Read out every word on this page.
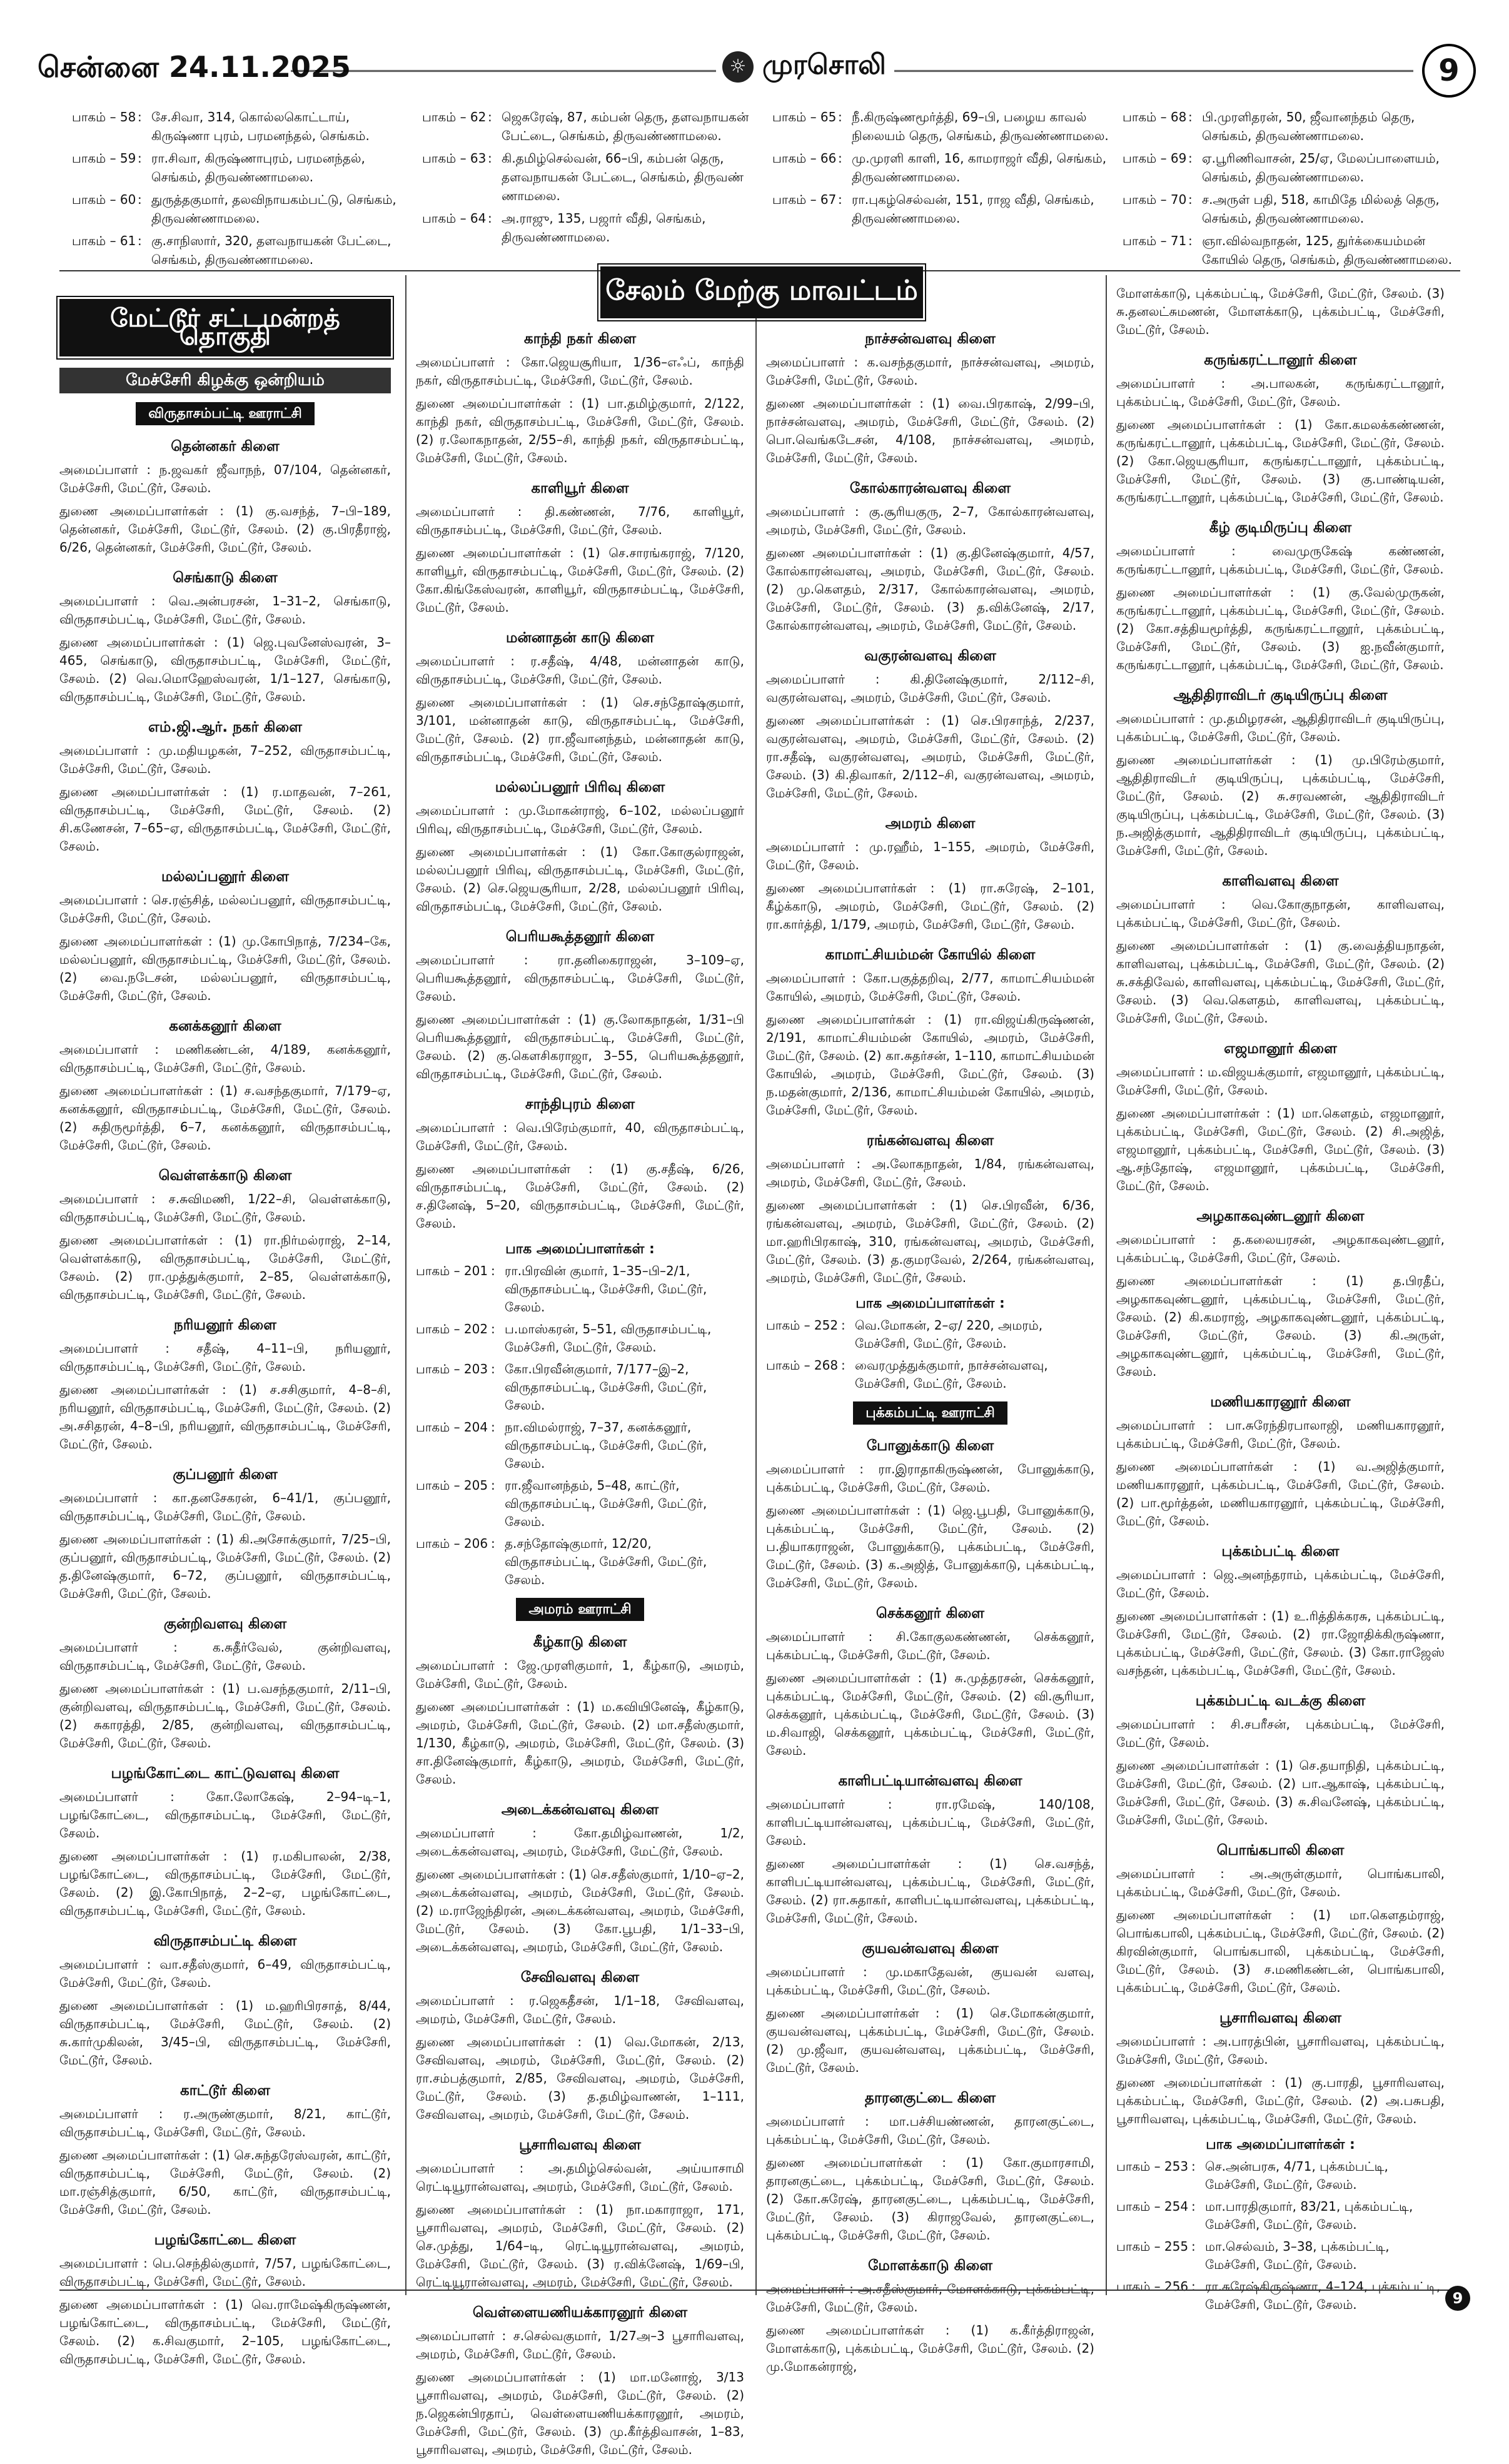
சென்னை 24.11.2025	☼ முரசொலி	9
பாகம் – 58 : சே.சிவா, 314, கொல்லகொட்டாய், கிருஷ்ணா புரம், பரமனந்தல், செங்கம்.
பாகம் – 59 : ரா.சிவா, கிருஷ்ணாபுரம், பரமனந்தல், செங்கம், திருவண்ணாமலை.
பாகம் – 60 : துருத்தகுமார், தலவிநாயகம்பட்டு, செங்கம், திருவண்ணாமலை.
பாகம் – 61 : கு.சாநிஸார், 320, தளவநாயகன் பேட்டை, செங்கம், திருவண்ணாமலை.
பாகம் – 62 : ஜெசுரேஷ், 87, கம்பன் தெரு, தளவநாயகன் பேட்டை, செங்கம், திருவண்ணாமலை.
பாகம் – 63 : கி.தமிழ்செல்வன், 66–பி, கம்பன் தெரு, தளவநாயகன் பேட்டை, செங்கம், திருவண் ணாமலை.
பாகம் – 64 : அ.ராஜு, 135, பஜார் வீதி, செங்கம், திருவண்ணாமலை.
பாகம் – 65 : நீ.கிருஷ்ணமூர்த்தி, 69–பி, பழைய காவல் நிலையம் தெரு, செங்கம், திருவண்ணாமலை.
பாகம் – 66 : மு.முரளி காளி, 16, காமராஜர் வீதி, செங்கம், திருவண்ணாமலை.
பாகம் – 67 : ரா.புகழ்செல்வன், 151, ராஜ வீதி, செங்கம், திருவண்ணாமலை.
பாகம் – 68 : பி.முரளிதரன், 50, ஜீவானந்தம் தெரு, செங்கம், திருவண்ணாமலை.
பாகம் – 69 : ஏ.பூரிணிவாசன், 25/ஏ, மேலப்பாளையம், செங்கம், திருவண்ணாமலை.
பாகம் – 70 : ச.அருள் பதி, 518, காமிதே மில்லத் தெரு, செங்கம், திருவண்ணாமலை.
பாகம் – 71 : ஞா.வில்வநாதன், 125, துர்க்கையம்மன் கோயில் தெரு, செங்கம், திருவண்ணாமலை.
சேலம் மேற்கு மாவட்டம்
மேட்டூர் சட்டமன்றத் தொகுதி
மேச்சேரி கிழக்கு ஒன்றியம்
விருதாசம்பட்டி ஊராட்சி
தென்னகர் கிளை
அமைப்பாளர் : ந.ஜவகர் ஜீவாநந், 07/104, தென்னகர், மேச்சேரி, மேட்டூர், சேலம்.
துணை அமைப்பாளர்கள் : (1) கு.வசந்த், 7–பி–189, தென்னகர், மேச்சேரி, மேட்டூர், சேலம். (2) கு.பிரதீராஜ், 6/26, தென்னகர், மேச்சேரி, மேட்டூர், சேலம்.
செங்காடு கிளை
அமைப்பாளர் : வெ.அன்பரசன், 1–31–2, செங்காடு, விருதாசம்பட்டி, மேச்சேரி, மேட்டூர், சேலம்.
துணை அமைப்பாளர்கள் : (1) ஜெ.புவனேஸ்வரன், 3–465, செங்காடு, விருதாசம்பட்டி, மேச்சேரி, மேட்டூர், சேலம். (2) வெ.மொஹேஸ்வரன், 1/1–127, செங்காடு, விருதாசம்பட்டி, மேச்சேரி, மேட்டூர், சேலம்.
எம்.ஜி.ஆர். நகர் கிளை
அமைப்பாளர் : மு.மதியழகன், 7–252, விருதாசம்பட்டி, மேச்சேரி, மேட்டூர், சேலம்.
துணை அமைப்பாளர்கள் : (1) ர.மாதவன், 7–261, விருதாசம்பட்டி, மேச்சேரி, மேட்டூர், சேலம். (2) சி.கணேசன், 7–65–ஏ, விருதாசம்பட்டி, மேச்சேரி, மேட்டூர், சேலம்.
மல்லப்பனூர் கிளை
அமைப்பாளர் : செ.ரஞ்சித், மல்லப்பனூர், விருதாசம்பட்டி, மேச்சேரி, மேட்டூர், சேலம்.
துணை அமைப்பாளர்கள் : (1) மு.கோபிநாத், 7/234–கே, மல்லப்பனூர், விருதாசம்பட்டி, மேச்சேரி, மேட்டூர், சேலம். (2) வை.நடேசன், மல்லப்பனூர், விருதாசம்பட்டி, மேச்சேரி, மேட்டூர், சேலம்.
கனக்கனூர் கிளை
அமைப்பாளர் : மணிகண்டன், 4/189, கனக்கனூர், விருதாசம்பட்டி, மேச்சேரி, மேட்டூர், சேலம்.
துணை அமைப்பாளர்கள் : (1) ச.வசந்தகுமார், 7/179–ஏ, கனக்கனூர், விருதாசம்பட்டி, மேச்சேரி, மேட்டூர், சேலம். (2) சுதிருமூர்த்தி, 6–7, கனக்கனூர், விருதாசம்பட்டி, மேச்சேரி, மேட்டூர், சேலம்.
வெள்ளக்காடு கிளை
அமைப்பாளர் : ச.சுவிமணி, 1/22–சி, வெள்ளக்காடு, விருதாசம்பட்டி, மேச்சேரி, மேட்டூர், சேலம்.
துணை அமைப்பாளர்கள் : (1) ரா.நிர்மல்ராஜ், 2–14, வெள்ளக்காடு, விருதாசம்பட்டி, மேச்சேரி, மேட்டூர், சேலம். (2) ரா.முத்துக்குமார், 2–85, வெள்ளக்காடு, விருதாசம்பட்டி, மேச்சேரி, மேட்டூர், சேலம்.
நரியனூர் கிளை
அமைப்பாளர் : சதீஷ், 4–11–பி, நரியனூர், விருதாசம்பட்டி, மேச்சேரி, மேட்டூர், சேலம்.
துணை அமைப்பாளர்கள் : (1) ச.சசிகுமார், 4–8–சி, நரியனூர், விருதாசம்பட்டி, மேச்சேரி, மேட்டூர், சேலம். (2) அ.சசிதரன், 4–8–பி, நரியனூர், விருதாசம்பட்டி, மேச்சேரி, மேட்டூர், சேலம்.
குப்பனூர் கிளை
அமைப்பாளர் : கா.தனசேகரன், 6–41/1, குப்பனூர், விருதாசம்பட்டி, மேச்சேரி, மேட்டூர், சேலம்.
துணை அமைப்பாளர்கள் : (1) கி.அசோக்குமார், 7/25–பி, குப்பனூர், விருதாசம்பட்டி, மேச்சேரி, மேட்டூர், சேலம். (2) த.தினேஷ்குமார், 6–72, குப்பனூர், விருதாசம்பட்டி, மேச்சேரி, மேட்டூர், சேலம்.
குன்றிவளவு கிளை
அமைப்பாளர் : க.சுதீர்வேல், குன்றிவளவு, விருதாசம்பட்டி, மேச்சேரி, மேட்டூர், சேலம்.
துணை அமைப்பாளர்கள் : (1) ப.வசந்தகுமார், 2/11–பி, குன்றிவளவு, விருதாசம்பட்டி, மேச்சேரி, மேட்டூர், சேலம். (2) சுகாரத்தி, 2/85, குன்றிவளவு, விருதாசம்பட்டி, மேச்சேரி, மேட்டூர், சேலம்.
பழங்கோட்டை காட்டுவளவு கிளை
அமைப்பாளர் : கோ.லோகேஷ், 2–94–டி–1, பழங்கோட்டை, விருதாசம்பட்டி, மேச்சேரி, மேட்டூர், சேலம்.
துணை அமைப்பாளர்கள் : (1) ர.மகிபாலன், 2/38, பழங்கோட்டை, விருதாசம்பட்டி, மேச்சேரி, மேட்டூர், சேலம். (2) இ.கோபிநாத், 2–2–ஏ, பழங்கோட்டை, விருதாசம்பட்டி, மேச்சேரி, மேட்டூர், சேலம்.
விருதாசம்பட்டி கிளை
அமைப்பாளர் : வா.சதீஸ்குமார், 6–49, விருதாசம்பட்டி, மேச்சேரி, மேட்டூர், சேலம்.
துணை அமைப்பாளர்கள் : (1) ம.ஹரிபிரசாத், 8/44, விருதாசம்பட்டி, மேச்சேரி, மேட்டூர், சேலம். (2) சு.கார்முகிலன், 3/45–பி, விருதாசம்பட்டி, மேச்சேரி, மேட்டூர், சேலம்.
காட்டூர் கிளை
அமைப்பாளர் : ர.அருண்குமார், 8/21, காட்டூர், விருதாசம்பட்டி, மேச்சேரி, மேட்டூர், சேலம்.
துணை அமைப்பாளர்கள் : (1) செ.சுந்தரேஸ்வரன், காட்டூர், விருதாசம்பட்டி, மேச்சேரி, மேட்டூர், சேலம். (2) மா.ரஞ்சித்குமார், 6/50, காட்டூர், விருதாசம்பட்டி, மேச்சேரி, மேட்டூர், சேலம்.
பழங்கோட்டை கிளை
அமைப்பாளர் : பெ.செந்தில்குமார், 7/57, பழங்கோட்டை, விருதாசம்பட்டி, மேச்சேரி, மேட்டூர், சேலம்.
துணை அமைப்பாளர்கள் : (1) வெ.ராமேஷ்கிருஷ்ணன், பழங்கோட்டை, விருதாசம்பட்டி, மேச்சேரி, மேட்டூர், சேலம். (2) க.சிவகுமார், 2–105, பழங்கோட்டை, விருதாசம்பட்டி, மேச்சேரி, மேட்டூர், சேலம்.
காந்தி நகர் கிளை
அமைப்பாளர் : கோ.ஜெயசூரியா, 1/36–எஃப், காந்தி நகர், விருதாசம்பட்டி, மேச்சேரி, மேட்டூர், சேலம்.
துணை அமைப்பாளர்கள் : (1) பா.தமிழ்குமார், 2/122, காந்தி நகர், விருதாசம்பட்டி, மேச்சேரி, மேட்டூர், சேலம். (2) ர.லோகநாதன், 2/55–சி, காந்தி நகர், விருதாசம்பட்டி, மேச்சேரி, மேட்டூர், சேலம்.
காளியூர் கிளை
அமைப்பாளர் : தி.கண்ணன், 7/76, காளியூர், விருதாசம்பட்டி, மேச்சேரி, மேட்டூர், சேலம்.
துணை அமைப்பாளர்கள் : (1) செ.சாரங்கராஜ், 7/120, காளியூர், விருதாசம்பட்டி, மேச்சேரி, மேட்டூர், சேலம். (2) கோ.கிங்கேஸ்வரன், காளியூர், விருதாசம்பட்டி, மேச்சேரி, மேட்டூர், சேலம்.
மன்னாதன் காடு கிளை
அமைப்பாளர் : ர.சதீஷ், 4/48, மன்னாதன் காடு, விருதாசம்பட்டி, மேச்சேரி, மேட்டூர், சேலம்.
துணை அமைப்பாளர்கள் : (1) செ.சந்தோஷ்குமார், 3/101, மன்னாதன் காடு, விருதாசம்பட்டி, மேச்சேரி, மேட்டூர், சேலம். (2) ரா.ஜீவானந்தம், மன்னாதன் காடு, விருதாசம்பட்டி, மேச்சேரி, மேட்டூர், சேலம்.
மல்லப்பனூர் பிரிவு கிளை
அமைப்பாளர் : மு.மோகன்ராஜ், 6–102, மல்லப்பனூர் பிரிவு, விருதாசம்பட்டி, மேச்சேரி, மேட்டூர், சேலம்.
துணை அமைப்பாளர்கள் : (1) கோ.கோகுல்ராஜன், மல்லப்பனூர் பிரிவு, விருதாசம்பட்டி, மேச்சேரி, மேட்டூர், சேலம். (2) செ.ஜெயசூரியா, 2/28, மல்லப்பனூர் பிரிவு, விருதாசம்பட்டி, மேச்சேரி, மேட்டூர், சேலம்.
பெரியகூத்தனூர் கிளை
அமைப்பாளர் : ரா.தனிகைராஜன், 3–109–ஏ, பெரியகூத்தனூர், விருதாசம்பட்டி, மேச்சேரி, மேட்டூர், சேலம்.
துணை அமைப்பாளர்கள் : (1) கு.லோகநாதன், 1/31–பி பெரியகூத்தனூர், விருதாசம்பட்டி, மேச்சேரி, மேட்டூர், சேலம். (2) கு.கௌசிகராஜா, 3–55, பெரியகூத்தனூர், விருதாசம்பட்டி, மேச்சேரி, மேட்டூர், சேலம்.
சாந்திபுரம் கிளை
அமைப்பாளர் : வெ.பிரேம்குமார், 40, விருதாசம்பட்டி, மேச்சேரி, மேட்டூர், சேலம்.
துணை அமைப்பாளர்கள் : (1) கு.சதீஷ், 6/26, விருதாசம்பட்டி, மேச்சேரி, மேட்டூர், சேலம். (2) ச.தினேஷ், 5–20, விருதாசம்பட்டி, மேச்சேரி, மேட்டூர், சேலம்.
பாக அமைப்பாளர்கள் :
பாகம் – 201 : ரா.பிரவின் குமார், 1–35–பி–2/1, விருதாசம்பட்டி, மேச்சேரி, மேட்டூர், சேலம்.
பாகம் – 202 : ப.மாஸ்கரன், 5–51, விருதாசம்பட்டி, மேச்சேரி, மேட்டூர், சேலம்.
பாகம் – 203 : கோ.பிரவீன்குமார், 7/177–இ–2, விருதாசம்பட்டி, மேச்சேரி, மேட்டூர், சேலம்.
பாகம் – 204 : நா.விமல்ராஜ், 7–37, கனக்கனூர், விருதாசம்பட்டி, மேச்சேரி, மேட்டூர், சேலம்.
பாகம் – 205 : ரா.ஜீவானந்தம், 5–48, காட்டூர், விருதாசம்பட்டி, மேச்சேரி, மேட்டூர், சேலம்.
பாகம் – 206 : த.சந்தோஷ்குமார், 12/20, விருதாசம்பட்டி, மேச்சேரி, மேட்டூர், சேலம்.
அமரம் ஊராட்சி
கீழ்காடு கிளை
அமைப்பாளர் : ஜே.முரளிகுமார், 1, கீழ்காடு, அமரம், மேச்சேரி, மேட்டூர், சேலம்.
துணை அமைப்பாளர்கள் : (1) ம.கவியினேஷ், கீழ்காடு, அமரம், மேச்சேரி, மேட்டூர், சேலம். (2) மா.சதீஸ்குமார், 1/130, கீழ்காடு, அமரம், மேச்சேரி, மேட்டூர், சேலம். (3) சா.தினேஷ்குமார், கீழ்காடு, அமரம், மேச்சேரி, மேட்டூர், சேலம்.
அடைக்கன்வளவு கிளை
அமைப்பாளர் : கோ.தமிழ்வாணன், 1/2, அடைக்கன்வளவு, அமரம், மேச்சேரி, மேட்டூர், சேலம்.
துணை அமைப்பாளர்கள் : (1) செ.சதீஸ்குமார், 1/10–ஏ–2, அடைக்கன்வளவு, அமரம், மேச்சேரி, மேட்டூர், சேலம். (2) ம.ராஜேந்திரன், அடைக்கன்வளவு, அமரம், மேச்சேரி, மேட்டூர், சேலம். (3) கோ.பூபதி, 1/1–33–பி, அடைக்கன்வளவு, அமரம், மேச்சேரி, மேட்டூர், சேலம்.
சேவிவளவு கிளை
அமைப்பாளர் : ர.ஜெகதீசன், 1/1–18, சேவிவளவு, அமரம், மேச்சேரி, மேட்டூர், சேலம்.
துணை அமைப்பாளர்கள் : (1) வெ.மோகன், 2/13, சேவிவளவு, அமரம், மேச்சேரி, மேட்டூர், சேலம். (2) ரா.சம்பத்குமார், 2/85, சேவிவளவு, அமரம், மேச்சேரி, மேட்டூர், சேலம். (3) த.தமிழ்வாணன், 1–111, சேவிவளவு, அமரம், மேச்சேரி, மேட்டூர், சேலம்.
பூசாரிவளவு கிளை
அமைப்பாளர் : அ.தமிழ்செல்வன், அய்யாசாமி ரெட்டியூரான்வளவு, அமரம், மேச்சேரி, மேட்டூர், சேலம்.
துணை அமைப்பாளர்கள் : (1) நா.மகாராஜா, 171, பூசாரிவளவு, அமரம், மேச்சேரி, மேட்டூர், சேலம். (2) செ.முத்து, 1/64–டி, ரெட்டியூரான்வளவு, அமரம், மேச்சேரி, மேட்டூர், சேலம். (3) ர.விக்னேஷ், 1/69–பி, ரெட்டியூரான்வளவு, அமரம், மேச்சேரி, மேட்டூர், சேலம்.
வெள்ளையணியக்காரனூர் கிளை
அமைப்பாளர் : ச.செல்வகுமார், 1/27அ–3 பூசாரிவளவு, அமரம், மேச்சேரி, மேட்டூர், சேலம்.
துணை அமைப்பாளர்கள் : (1) மா.மனோஜ், 3/13 பூசாரிவளவு, அமரம், மேச்சேரி, மேட்டூர், சேலம். (2) ந.ஜெகன்பிரதாப், வெள்ளையணியக்காரனூர், அமரம், மேச்சேரி, மேட்டூர், சேலம். (3) மு.கீர்த்திவாசன், 1–83, பூசாரிவளவு, அமரம், மேச்சேரி, மேட்டூர், சேலம்.
நாச்சன்வளவு கிளை
அமைப்பாளர் : க.வசந்தகுமார், நாச்சன்வளவு, அமரம், மேச்சேரி, மேட்டூர், சேலம்.
துணை அமைப்பாளர்கள் : (1) வை.பிரகாஷ், 2/99–பி, நாச்சன்வளவு, அமரம், மேச்சேரி, மேட்டூர், சேலம். (2) பொ.வெங்கடேசன், 4/108, நாச்சன்வளவு, அமரம், மேச்சேரி, மேட்டூர், சேலம்.
கோல்காரன்வளவு கிளை
அமைப்பாளர் : கு.சூரியகுரு, 2–7, கோல்காரன்வளவு, அமரம், மேச்சேரி, மேட்டூர், சேலம்.
துணை அமைப்பாளர்கள் : (1) கு.தினேஷ்குமார், 4/57, கோல்காரன்வளவு, அமரம், மேச்சேரி, மேட்டூர், சேலம். (2) மு.கௌதம், 2/317, கோல்காரன்வளவு, அமரம், மேச்சேரி, மேட்டூர், சேலம். (3) த.விக்னேஷ், 2/17, கோல்காரன்வளவு, அமரம், மேச்சேரி, மேட்டூர், சேலம்.
வகுரன்வளவு கிளை
அமைப்பாளர் : கி.தினேஷ்குமார், 2/112–சி, வகுரன்வளவு, அமரம், மேச்சேரி, மேட்டூர், சேலம்.
துணை அமைப்பாளர்கள் : (1) செ.பிரசாந்த், 2/237, வகுரன்வளவு, அமரம், மேச்சேரி, மேட்டூர், சேலம். (2) ரா.சதீஷ், வகுரன்வளவு, அமரம், மேச்சேரி, மேட்டூர், சேலம். (3) கி.திவாகர், 2/112–சி, வகுரன்வளவு, அமரம், மேச்சேரி, மேட்டூர், சேலம்.
அமரம் கிளை
அமைப்பாளர் : மு.ரஹீம், 1–155, அமரம், மேச்சேரி, மேட்டூர், சேலம்.
துணை அமைப்பாளர்கள் : (1) ரா.சுரேஷ், 2–101, கீழ்க்காடு, அமரம், மேச்சேரி, மேட்டூர், சேலம். (2) ரா.கார்த்தி, 1/179, அமரம், மேச்சேரி, மேட்டூர், சேலம்.
காமாட்சியம்மன் கோயில் கிளை
அமைப்பாளர் : கோ.பகுத்தறிவு, 2/77, காமாட்சியம்மன் கோயில், அமரம், மேச்சேரி, மேட்டூர், சேலம்.
துணை அமைப்பாளர்கள் : (1) ரா.விஜய்கிருஷ்ணன், 2/191, காமாட்சியம்மன் கோயில், அமரம், மேச்சேரி, மேட்டூர், சேலம். (2) கா.சுதர்சன், 1–110, காமாட்சியம்மன் கோயில், அமரம், மேச்சேரி, மேட்டூர், சேலம். (3) ந.மதன்குமார், 2/136, காமாட்சியம்மன் கோயில், அமரம், மேச்சேரி, மேட்டூர், சேலம்.
ரங்கன்வளவு கிளை
அமைப்பாளர் : அ.லோகநாதன், 1/84, ரங்கன்வளவு, அமரம், மேச்சேரி, மேட்டூர், சேலம்.
துணை அமைப்பாளர்கள் : (1) செ.பிரவீன், 6/36, ரங்கன்வளவு, அமரம், மேச்சேரி, மேட்டூர், சேலம். (2) மா.ஹரிபிரகாஷ், 310, ரங்கன்வளவு, அமரம், மேச்சேரி, மேட்டூர், சேலம். (3) த.குமரவேல், 2/264, ரங்கன்வளவு, அமரம், மேச்சேரி, மேட்டூர், சேலம்.
பாக அமைப்பாளர்கள் :
பாகம் – 252 : வெ.மோகன், 2–ஏ/ 220, அமரம், மேச்சேரி, மேட்டூர், சேலம்.
பாகம் – 268 : வைரமுத்துக்குமார், நாச்சன்வளவு, மேச்சேரி, மேட்டூர், சேலம்.
புக்கம்பட்டி ஊராட்சி
போனுக்காடு கிளை
அமைப்பாளர் : ரா.இராதாகிருஷ்ணன், போனுக்காடு, புக்கம்பட்டி, மேச்சேரி, மேட்டூர், சேலம்.
துணை அமைப்பாளர்கள் : (1) ஜெ.பூபதி, போனுக்காடு, புக்கம்பட்டி, மேச்சேரி, மேட்டூர், சேலம். (2) ப.தியாகராஜன், போனுக்காடு, புக்கம்பட்டி, மேச்சேரி, மேட்டூர், சேலம். (3) க.அஜித், போனுக்காடு, புக்கம்பட்டி, மேச்சேரி, மேட்டூர், சேலம்.
செக்கனூர் கிளை
அமைப்பாளர் : சி.கோகுலகண்ணன், செக்கனூர், புக்கம்பட்டி, மேச்சேரி, மேட்டூர், சேலம்.
துணை அமைப்பாளர்கள் : (1) சு.முத்தரசன், செக்கனூர், புக்கம்பட்டி, மேச்சேரி, மேட்டூர், சேலம். (2) வி.சூரியா, செக்கனூர், புக்கம்பட்டி, மேச்சேரி, மேட்டூர், சேலம். (3) ம.சிவாஜி, செக்கனூர், புக்கம்பட்டி, மேச்சேரி, மேட்டூர், சேலம்.
காளிபட்டியான்வளவு கிளை
அமைப்பாளர் : ரா.ரமேஷ், 140/108, காளிபட்டியான்வளவு, புக்கம்பட்டி, மேச்சேரி, மேட்டூர், சேலம்.
துணை அமைப்பாளர்கள் : (1) செ.வசந்த், காளிபட்டியான்வளவு, புக்கம்பட்டி, மேச்சேரி, மேட்டூர், சேலம். (2) ரா.சுதாகர், காளிபட்டியான்வளவு, புக்கம்பட்டி, மேச்சேரி, மேட்டூர், சேலம்.
குயவன்வளவு கிளை
அமைப்பாளர் : மு.மகாதேவன், குயவன் வளவு, புக்கம்பட்டி, மேச்சேரி, மேட்டூர், சேலம்.
துணை அமைப்பாளர்கள் : (1) செ.மோகன்குமார், குயவன்வளவு, புக்கம்பட்டி, மேச்சேரி, மேட்டூர், சேலம். (2) மு.ஜீவா, குயவன்வளவு, புக்கம்பட்டி, மேச்சேரி, மேட்டூர், சேலம்.
தாரனகுட்டை கிளை
அமைப்பாளர் : மா.பச்சியண்ணன், தாரனகுட்டை, புக்கம்பட்டி, மேச்சேரி, மேட்டூர், சேலம்.
துணை அமைப்பாளர்கள் : (1) கோ.குமாரசாமி, தாரனகுட்டை, புக்கம்பட்டி, மேச்சேரி, மேட்டூர், சேலம். (2) கோ.சுரேஷ், தாரனகுட்டை, புக்கம்பட்டி, மேச்சேரி, மேட்டூர், சேலம். (3) கிராஜவேல், தாரனகுட்டை, புக்கம்பட்டி, மேச்சேரி, மேட்டூர், சேலம்.
மோளக்காடு கிளை
அமைப்பாளர் : அ.சதீஸ்குமார், மோளக்காடு, புக்கம்பட்டி, மேச்சேரி, மேட்டூர், சேலம்.
துணை அமைப்பாளர்கள் : (1) க.கீர்த்திராஜன், மோளக்காடு, புக்கம்பட்டி, மேச்சேரி, மேட்டூர், சேலம். (2) மு.மோகன்ராஜ்,
மோளக்காடு, புக்கம்பட்டி, மேச்சேரி, மேட்டூர், சேலம். (3) சு.தனலட்சுமணன், மோளக்காடு, புக்கம்பட்டி, மேச்சேரி, மேட்டூர், சேலம்.
கருங்கரட்டானூர் கிளை
அமைப்பாளர் : அ.பாலகன், கருங்கரட்டானூர், புக்கம்பட்டி, மேச்சேரி, மேட்டூர், சேலம்.
துணை அமைப்பாளர்கள் : (1) கோ.கமலக்கண்ணன், கருங்கரட்டானூர், புக்கம்பட்டி, மேச்சேரி, மேட்டூர், சேலம். (2) கோ.ஜெயசூரியா, கருங்கரட்டானூர், புக்கம்பட்டி, மேச்சேரி, மேட்டூர், சேலம். (3) கு.பாண்டியன், கருங்கரட்டானூர், புக்கம்பட்டி, மேச்சேரி, மேட்டூர், சேலம்.
கீழ் குடிமிருப்பு கிளை
அமைப்பாளர் : வைமுருகேஷ் கண்ணன், கருங்கரட்டானூர், புக்கம்பட்டி, மேச்சேரி, மேட்டூர், சேலம்.
துணை அமைப்பாளர்கள் : (1) கு.வேல்முருகன், கருங்கரட்டானூர், புக்கம்பட்டி, மேச்சேரி, மேட்டூர், சேலம். (2) கோ.சத்தியமூர்த்தி, கருங்கரட்டானூர், புக்கம்பட்டி, மேச்சேரி, மேட்டூர், சேலம். (3) ஐ.நவீன்குமார், கருங்கரட்டானூர், புக்கம்பட்டி, மேச்சேரி, மேட்டூர், சேலம்.
ஆதிதிராவிடர் குடியிருப்பு கிளை
அமைப்பாளர் : மு.தமிழரசன், ஆதிதிராவிடர் குடியிருப்பு, புக்கம்பட்டி, மேச்சேரி, மேட்டூர், சேலம்.
துணை அமைப்பாளர்கள் : (1) மு.பிரேம்குமார், ஆதிதிராவிடர் குடியிருப்பு, புக்கம்பட்டி, மேச்சேரி, மேட்டூர், சேலம். (2) சு.சரவணன், ஆதிதிராவிடர் குடியிருப்பு, புக்கம்பட்டி, மேச்சேரி, மேட்டூர், சேலம். (3) ந.அஜித்குமார், ஆதிதிராவிடர் குடியிருப்பு, புக்கம்பட்டி, மேச்சேரி, மேட்டூர், சேலம்.
காளிவளவு கிளை
அமைப்பாளர் : வெ.கோகுநாதன், காளிவளவு, புக்கம்பட்டி, மேச்சேரி, மேட்டூர், சேலம்.
துணை அமைப்பாளர்கள் : (1) கு.வைத்தியநாதன், காளிவளவு, புக்கம்பட்டி, மேச்சேரி, மேட்டூர், சேலம். (2) சு.சக்திவேல், காளிவளவு, புக்கம்பட்டி, மேச்சேரி, மேட்டூர், சேலம். (3) வெ.கௌதம், காளிவளவு, புக்கம்பட்டி, மேச்சேரி, மேட்டூர், சேலம்.
எஜமானூர் கிளை
அமைப்பாளர் : ம.விஜயக்குமார், எஜமானூர், புக்கம்பட்டி, மேச்சேரி, மேட்டூர், சேலம்.
துணை அமைப்பாளர்கள் : (1) மா.கௌதம், எஜமானூர், புக்கம்பட்டி, மேச்சேரி, மேட்டூர், சேலம். (2) சி.அஜித், எஜமானூர், புக்கம்பட்டி, மேச்சேரி, மேட்டூர், சேலம். (3) ஆ.சந்தோஷ், எஜமானூர், புக்கம்பட்டி, மேச்சேரி, மேட்டூர், சேலம்.
அழகாகவுண்டனூர் கிளை
அமைப்பாளர் : த.கலையரசன், அழகாகவுண்டனூர், புக்கம்பட்டி, மேச்சேரி, மேட்டூர், சேலம்.
துணை அமைப்பாளர்கள் : (1) த.பிரதீப், அழகாகவுண்டனூர், புக்கம்பட்டி, மேச்சேரி, மேட்டூர், சேலம். (2) கி.கமராஜ், அழகாகவுண்டனூர், புக்கம்பட்டி, மேச்சேரி, மேட்டூர், சேலம். (3) கி.அருள், அழகாகவுண்டனூர், புக்கம்பட்டி, மேச்சேரி, மேட்டூர், சேலம்.
மணியகாரனூர் கிளை
அமைப்பாளர் : பா.சுரேந்திரபாலாஜி, மணியகாரனூர், புக்கம்பட்டி, மேச்சேரி, மேட்டூர், சேலம்.
துணை அமைப்பாளர்கள் : (1) வ.அஜித்குமார், மணியகாரனூர், புக்கம்பட்டி, மேச்சேரி, மேட்டூர், சேலம். (2) பா.மூர்த்தன், மணியகாரனூர், புக்கம்பட்டி, மேச்சேரி, மேட்டூர், சேலம்.
புக்கம்பட்டி கிளை
அமைப்பாளர் : ஜெ.அனந்தராம், புக்கம்பட்டி, மேச்சேரி, மேட்டூர், சேலம்.
துணை அமைப்பாளர்கள் : (1) உ.ரித்திக்கரசு, புக்கம்பட்டி, மேச்சேரி, மேட்டூர், சேலம். (2) ரா.ஜோதிக்கிருஷ்ணா, புக்கம்பட்டி, மேச்சேரி, மேட்டூர், சேலம். (3) கோ.ராஜேஸ் வசந்தன், புக்கம்பட்டி, மேச்சேரி, மேட்டூர், சேலம்.
புக்கம்பட்டி வடக்கு கிளை
அமைப்பாளர் : சி.சபரீசன், புக்கம்பட்டி, மேச்சேரி, மேட்டூர், சேலம்.
துணை அமைப்பாளர்கள் : (1) செ.தயாநிதி, புக்கம்பட்டி, மேச்சேரி, மேட்டூர், சேலம். (2) பா.ஆகாஷ், புக்கம்பட்டி, மேச்சேரி, மேட்டூர், சேலம். (3) சு.சிவனேஷ், புக்கம்பட்டி, மேச்சேரி, மேட்டூர், சேலம்.
பொங்கபாலி கிளை
அமைப்பாளர் : அ.அருள்குமார், பொங்கபாலி, புக்கம்பட்டி, மேச்சேரி, மேட்டூர், சேலம்.
துணை அமைப்பாளர்கள் : (1) மா.கௌதம்ராஜ், பொங்கபாலி, புக்கம்பட்டி, மேச்சேரி, மேட்டூர், சேலம். (2) கிரவின்குமார், பொங்கபாலி, புக்கம்பட்டி, மேச்சேரி, மேட்டூர், சேலம். (3) ச.மணிகண்டன், பொங்கபாலி, புக்கம்பட்டி, மேச்சேரி, மேட்டூர், சேலம்.
பூசாரிவளவு கிளை
அமைப்பாளர் : அ.பாரத்பின், பூசாரிவளவு, புக்கம்பட்டி, மேச்சேரி, மேட்டூர், சேலம்.
துணை அமைப்பாளர்கள் : (1) கு.பாரதி, பூசாரிவளவு, புக்கம்பட்டி, மேச்சேரி, மேட்டூர், சேலம். (2) அ.பசுபதி, பூசாரிவளவு, புக்கம்பட்டி, மேச்சேரி, மேட்டூர், சேலம்.
பாக அமைப்பாளர்கள் :
பாகம் – 253 : செ.அன்பரசு, 4/71, புக்கம்பட்டி, மேச்சேரி, மேட்டூர், சேலம்.
பாகம் – 254 : மா.பாரதிகுமார், 83/21, புக்கம்பட்டி, மேச்சேரி, மேட்டூர், சேலம்.
பாகம் – 255 : மா.செல்வம், 3–38, புக்கம்பட்டி, மேச்சேரி, மேட்டூர், சேலம்.
பாகம் – 256 : ரா.சுரேஷ்கிருஷ்ணா, 4–124, புக்கம்பட்டி, மேச்சேரி, மேட்டூர், சேலம்.	9
